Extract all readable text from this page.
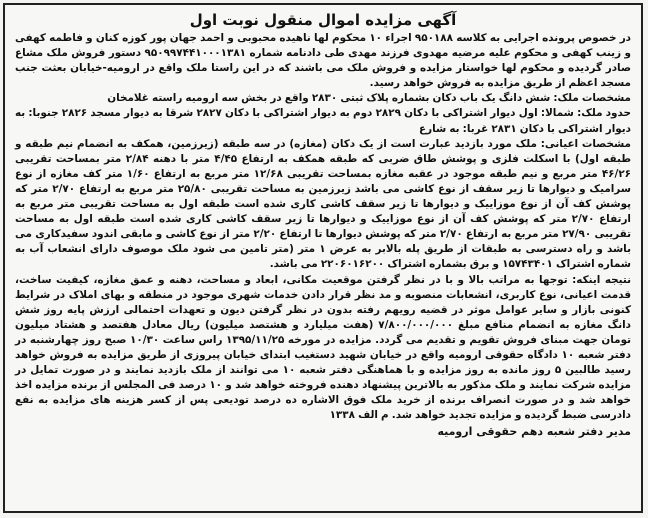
آگهی مزایده اموال منقول نوبت اول

در خصوص پرونده اجرایی به کلاسه ۹۵۰۱۸۸ اجراء ۱۰ محکوم لها ناهیده محبوبی و احمد جهان پور کوزه کنان و فاطمه کهفی و زینب کهفی و محکوم علیه مرضیه مهدوی فرزند مهدی طی دادنامه شماره ۹۵۰۹۹۷۴۴۱۰۰۰۱۳۸۱ دستور فروش ملک مشاع صادر گردیده و محکوم لها خواستار مزایده و فروش ملک می باشند که در این راستا ملک واقع در ارومیه-خیابان بعثت جنب مسجد اعظم از طریق مزایده به فروش خواهد رسید.

مشخصات ملک: شش دانگ یک باب دکان بشماره پلاک ثبتی ۲۸۳۰ واقع در بخش سه ارومیه راسته غلامخان

حدود ملک: شمالا: اول دیوار اشتراکی با دکان ۲۸۲۹ دوم به دیوار اشتراکی با دکان ۲۸۲۷ شرقا به دیوار مسجد ۲۸۲۶ جنوبا: به دیوار اشتراکی با دکان ۲۸۳۱ غربا: به شارع

مشخصات اعیانی: ملک مورد بازدید عبارت است از یک دکان (مغازه) در سه طبقه (زیرزمین، همکف به انضمام نیم طبقه و طبقه اول) با اسکلت فلزی و پوشش طاق ضربی که طبقه همکف به ارتفاع ۴/۴۵ متر با دهنه ۲/۸۴ متر بمساحت تقریبی ۴۶/۲۶ متر مربع و نیم طبقه موجود در عقبه مغازه بمساحت تقریبی ۱۲/۶۸ متر مربع به ارتفاع ۱/۶۰ متر کف مغازه از نوع سرامیک و دیوارها تا زیر سقف از نوع کاشی می باشد زیرزمین به مساحت تقریبی ۲۵/۸۰ متر مربع به ارتفاع ۲/۷۰ متر که پوشش کف آن از نوع موزاییک و دیوارها تا زیر سقف کاشی کاری شده است طبقه اول به مساحت تقریبی متر مربع به ارتفاع ۲/۷۰ متر که پوشش کف آن از نوع موزاییک و دیوارها تا زیر سقف کاشی کاری شده است طبقه اول به مساحت تقریبی ۲۷/۹۰ متر مربع به ارتفاع ۲/۷۰ متر که پوشش دیوارها تا ارتفاع ۲/۲۰ متر از نوع کاشی و مابقی اندود سفیدکاری می باشد و راه دسترسی به طبقات از طریق پله بالابر به عرض ۱ متر (متر تامین می شود ملک موصوف دارای انشعاب آب به شماره اشتراک ۱۵۷۴۳۴۰۱ و برق بشماره اشتراک ۲۲۰۶۰۱۶۲۰۰ می باشد.

نتیجه اینکه: توجها به مراتب بالا و با در نظر گرفتن موقعیت مکانی، ابعاد و مساحت، دهنه و عمق مغازه، کیفیت ساخت، قدمت اعیانی، نوع کاربری، انشعابات منصوبه و مد نظر قرار دادن خدمات شهری موجود در منطقه و بهای املاک در شرایط کنونی بازار و سایر عوامل موثر در قضیه رویهم رفته بدون در نظر گرفتن دیون و تعهدات احتمالی ارزش پایه روز شش دانگ مغازه به انضمام منافع مبلغ ۷/۸۰۰/۰۰۰/۰۰۰ (هفت میلیارد و هشتصد میلیون) ریال معادل هفتصد و هشتاد میلیون تومان جهت مبنای فروش تقویم و تقدیم می گردد. مزایده در مورخه ۱۳۹۵/۱۱/۲۵ راس ساعت ۱۰/۳۰ صبح روز چهارشنبه در دفتر شعبه ۱۰ دادگاه حقوقی ارومیه واقع در خیابان شهید دستغیب ابتدای خیابان پیروزی از طریق مزایده به فروش خواهد رسید طالبین ۵ روز مانده به روز مزایده و با هماهنگی دفتر شعبه ۱۰ می توانند از ملک بازدید نمایند و در صورت تمایل در مزایده شرکت نمایند و ملک مذکور به بالاترین پیشنهاد دهنده فروخته خواهد شد و ۱۰ درصد فی المجلس از برنده مزایده اخذ خواهد شد و در صورت انصراف برنده از خرید ملک فوق الاشاره ده درصد تودیعی پس از کسر هزینه های مزایده به نفع دادرسی ضبط گردیده و مزایده تجدید خواهد شد. م الف ۱۳۳۸

مدیر دفتر شعبه دهم حقوقی ارومیه
